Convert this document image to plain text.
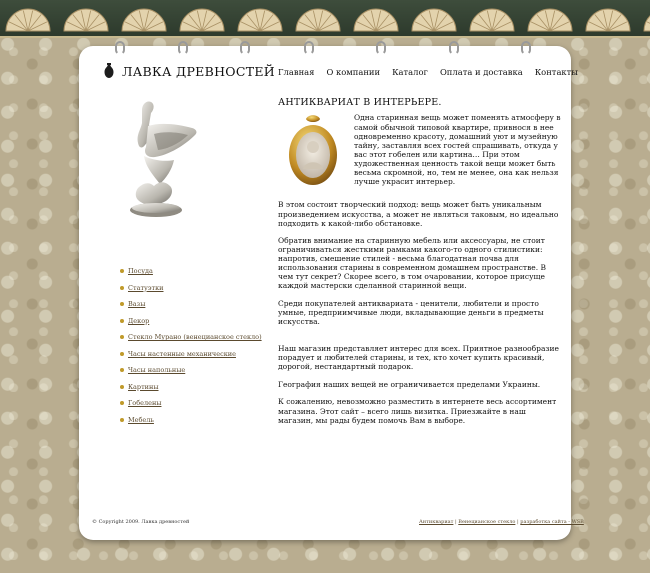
ЛАВКА ДРЕВНОСТЕЙ Главная О компании Каталог Оплата и доставка Контакты
Посуда
Статуэтки
Вазы
Декор
Стекло Мурано (венецианское стекло)
Часы настенные механические
Часы напольные
Картины
Гобелены
Мебель
АНТИКВАРИАТ В ИНТЕРЬЕРЕ.

Одна старинная вещь может поменять атмосферу в самой обычной типовой квартире, привнося в нее одновременно красоту, домашний уют и музейную тайну, заставляя всех гостей спрашивать, откуда у вас этот гобелен или картина… При этом художественная ценность такой вещи может быть весьма скромной, но, тем не менее, она как нельзя лучше украсит интерьер.

В этом состоит творческий подход: вещь может быть уникальным произведением искусства, а может не являться таковым, но идеально подходить к какой-либо обстановке.

Обратив внимание на старинную мебель или аксессуары, не стоит ограничиваться жесткими рамками какого-то одного стилистики: напротив, смешение стилей - весьма благодатная почва для использования старины в современном домашнем пространстве. В чем тут секрет? Скорее всего, в том очаровании, которое присуще каждой мастерски сделанной старинной вещи.

Среди покупателей антиквариата - ценители, любители и просто умные, предприимчивые люди, вкладывающие деньги в предметы искусства.

Наш магазин представляет интерес для всех. Приятное разнообразие порадует и любителей старины, и тех, кто хочет купить красивый, дорогой, нестандартный подарок.

География наших вещей не ограничивается пределами Украины.

К сожалению, невозможно разместить в интернете весь ассортимент магазина. Этот сайт – всего лишь визитка. Приезжайте в наш магазин, мы рады будем помочь Вам в выборе.

© Copyright 2009. Лавка древностей	Антиквариат | Венецианское стекло | разработка сайта - WSB
